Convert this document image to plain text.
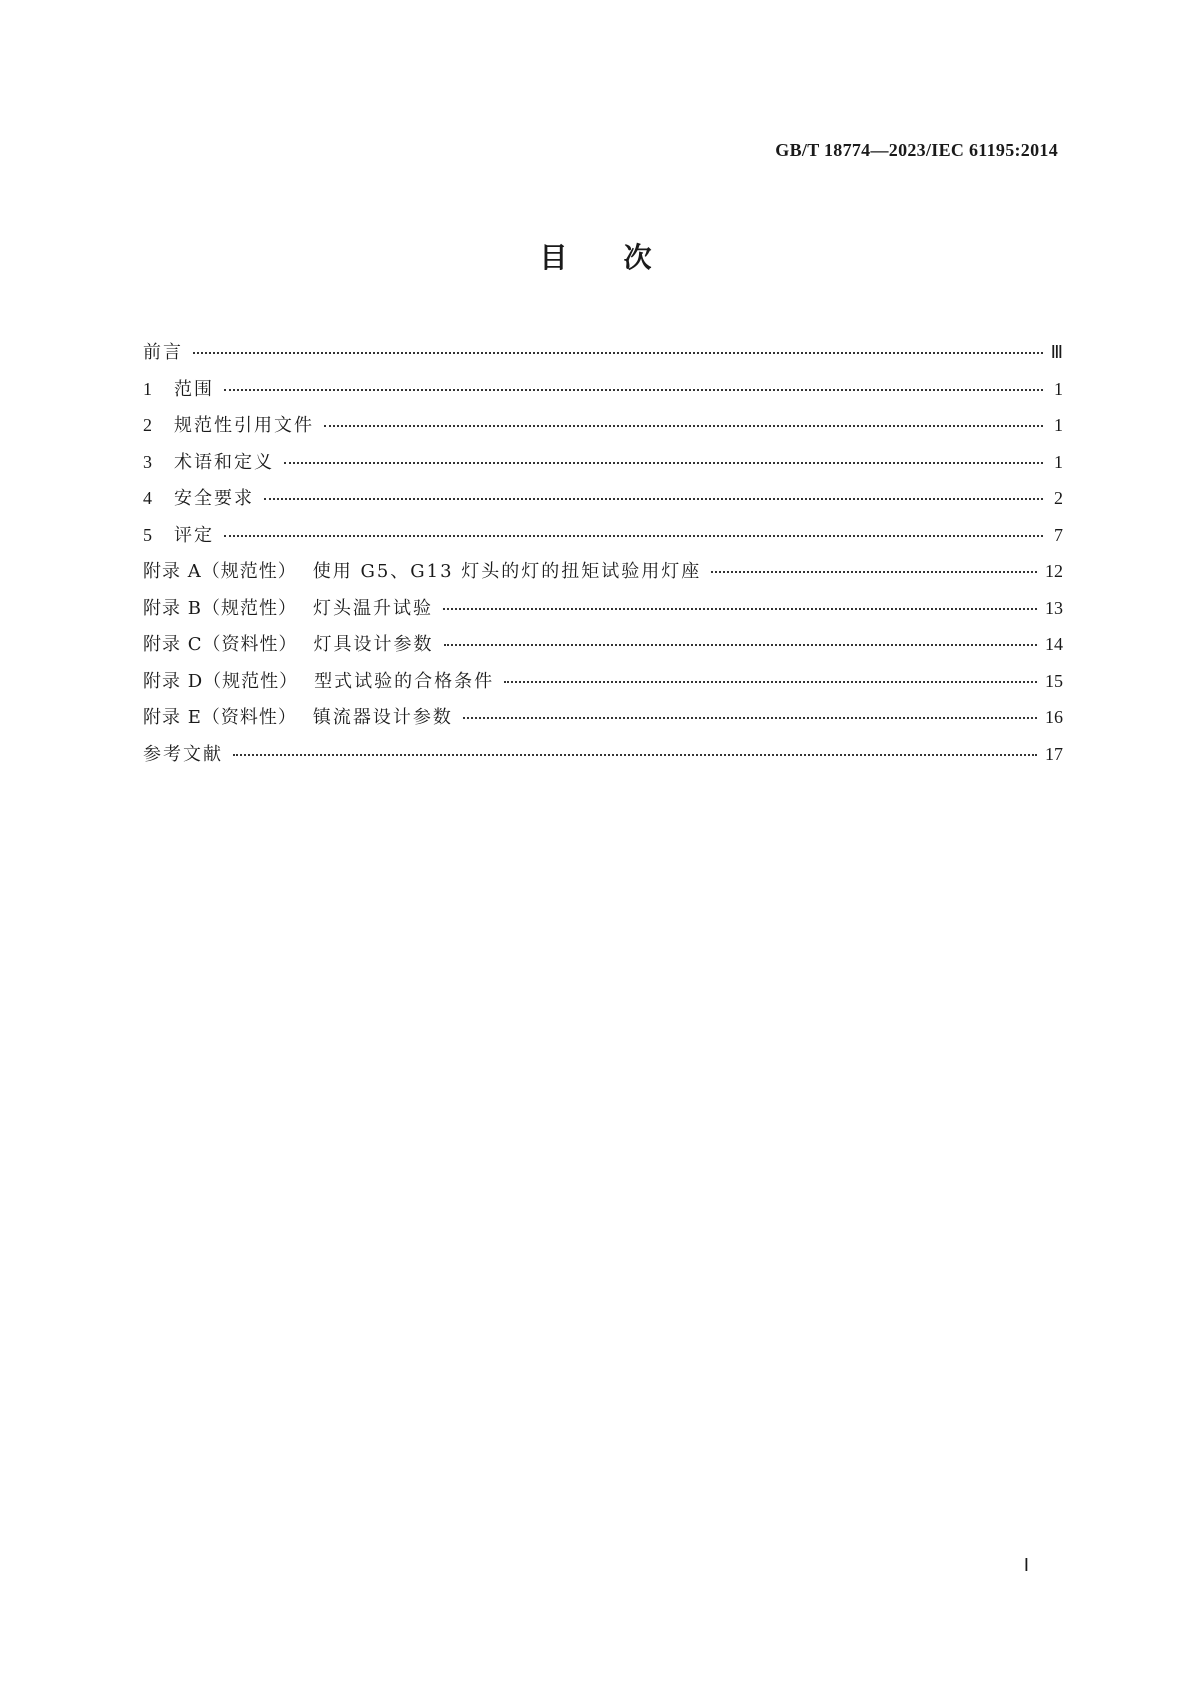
GB/T 18774—2023/IEC 61195:2014
目次
前言	Ⅲ
1	范围	1
2	规范性引用文件	1
3	术语和定义	1
4	安全要求	2
5	评定	7
附录 A（规范性） 使用 G5、G13 灯头的灯的扭矩试验用灯座	12
附录 B（规范性） 灯头温升试验	13
附录 C（资料性） 灯具设计参数	14
附录 D（规范性） 型式试验的合格条件	15
附录 E（资料性） 镇流器设计参数	16
参考文献	17
Ⅰ
